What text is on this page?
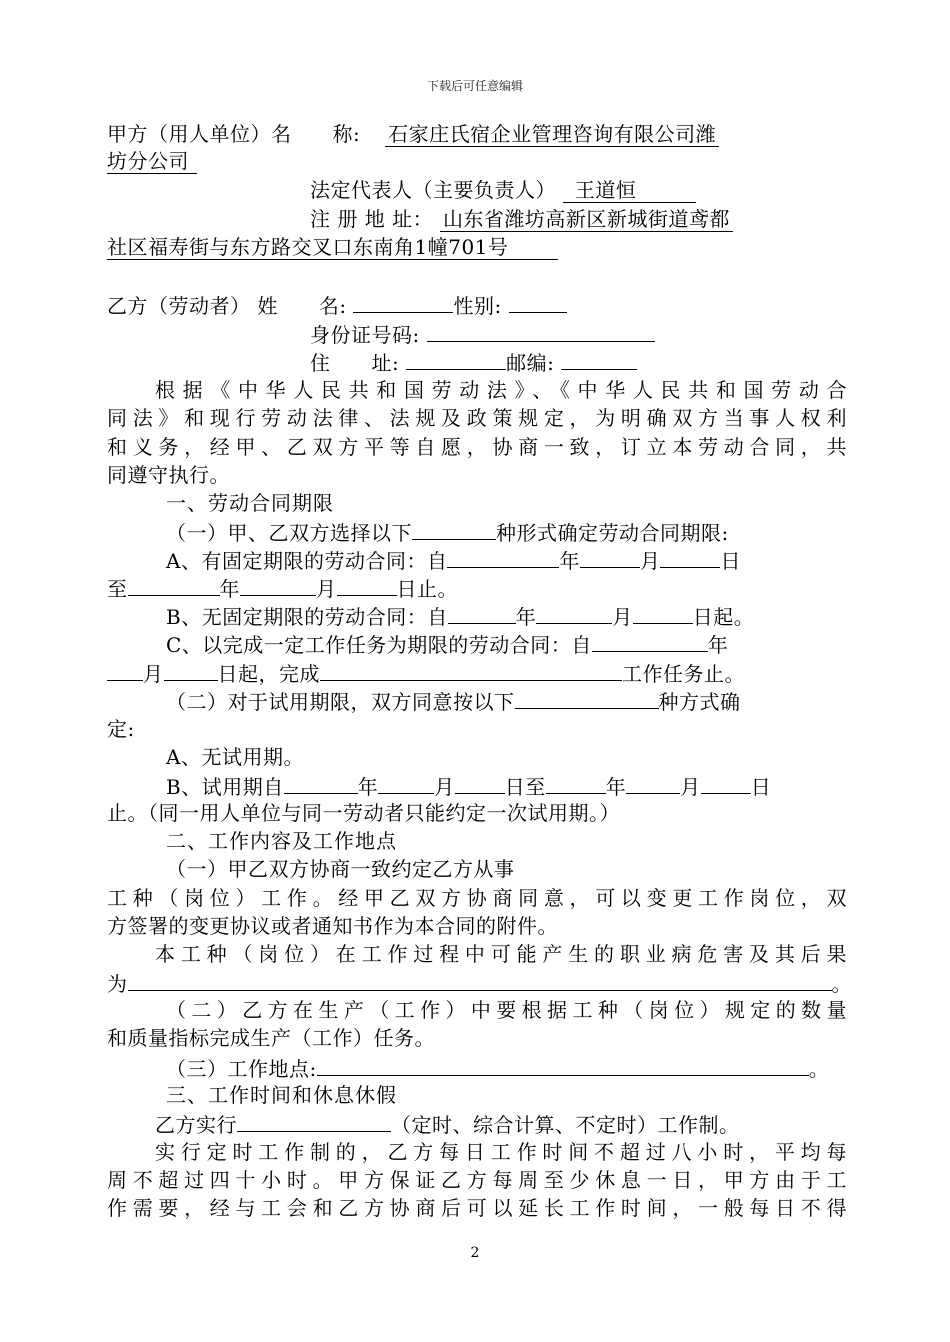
下载后可任意编辑
甲方（用人单位）名　　称: 石家庄氏宿企业管理咨询有限公司潍
坊分公司
法定代表人（主要负责人） 王道恒
注 册 地 址： 山东省潍坊高新区新城街道鸢都
社区福寿街与东方路交叉口东南角1幢701号
乙方（劳动者） 姓　　名:	性别:
身份证号码:
住　　址:	邮编:
根据《中华人民共和国劳动法》、《中华人民共和国劳动合
同法》和现行劳动法律、法规及政策规定，为明确双方当事人权利
和义务，经甲、乙双方平等自愿，协商一致，订立本劳动合同，共
同遵守执行。
一、劳动合同期限
（一）甲、乙双方选择以下	种形式确定劳动合同期限:
A、有固定期限的劳动合同：自	年	月	日
至	年	月	日止。
B、无固定期限的劳动合同：自	年	月	日起。
C、以完成一定工作任务为期限的劳动合同：自	年
月	日起，完成	工作任务止。
（二）对于试用期限，双方同意按以下	种方式确
定:
A、无试用期。
B、试用期自	年	月	日至	年	月	日
止。（同一用人单位与同一劳动者只能约定一次试用期。）
二、工作内容及工作地点
（一）甲乙双方协商一致约定乙方从事
工种（岗位）工作。经甲乙双方协商同意，可以变更工作岗位，双
方签署的变更协议或者通知书作为本合同的附件。
本工种（岗位）在工作过程中可能产生的职业病危害及其后果
为	。
（二）乙方在生产（工作）中要根据工种（岗位）规定的数量
和质量指标完成生产（工作）任务。
（三）工作地点:	。
三、工作时间和休息休假
乙方实行	（定时、综合计算、不定时）工作制。
实行定时工作制的，乙方每日工作时间不超过八小时，平均每
周不超过四十小时。甲方保证乙方每周至少休息一日，甲方由于工
作需要，经与工会和乙方协商后可以延长工作时间，一般每日不得
2
